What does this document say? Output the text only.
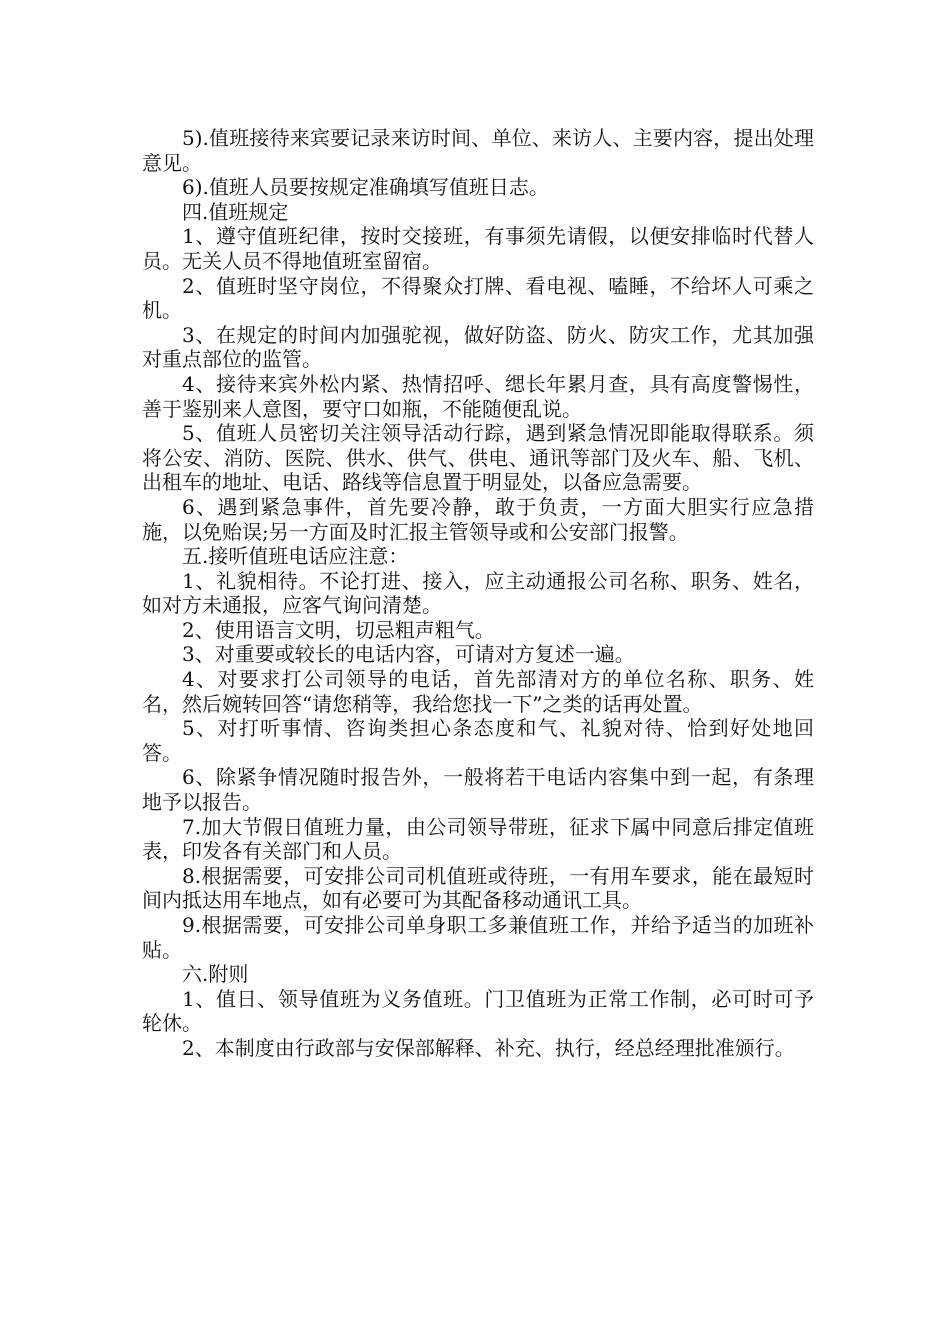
5).值班接待来宾要记录来访时间、单位、来访人、主要内容，提出处理意见。

6).值班人员要按规定准确填写值班日志。

四.值班规定

1、遵守值班纪律，按时交接班，有事须先请假，以便安排临时代替人员。无关人员不得地值班室留宿。

2、值班时坚守岗位，不得聚众打牌、看电视、嗑睡，不给坏人可乘之机。

3、在规定的时间内加强驼视，做好防盗、防火、防灾工作，尤其加强对重点部位的监管。

4、接待来宾外松内紧、热情招呼、缌长年累月查，具有高度警惕性，善于鉴别来人意图，要守口如瓶，不能随便乱说。

5、值班人员密切关注领导活动行踪，遇到紧急情况即能取得联系。须将公安、消防、医院、供水、供气、供电、通讯等部门及火车、船、飞机、出租车的地址、电话、路线等信息置于明显处，以备应急需要。

6、遇到紧急事件，首先要冷静，敢于负责，一方面大胆实行应急措施，以免贻误;另一方面及时汇报主管领导或和公安部门报警。

五.接听值班电话应注意：

1、礼貌相待。不论打进、接入，应主动通报公司名称、职务、姓名，如对方未通报，应客气询问清楚。

2、使用语言文明，切忌粗声粗气。

3、对重要或较长的电话内容，可请对方复述一遍。

4、对要求打公司领导的电话，首先部清对方的单位名称、职务、姓名，然后婉转回答“请您稍等，我给您找一下”之类的话再处置。

5、对打听事情、咨询类担心条态度和气、礼貌对待、恰到好处地回答。

6、除紧争情况随时报告外，一般将若干电话内容集中到一起，有条理地予以报告。

7.加大节假日值班力量，由公司领导带班，征求下属中同意后排定值班表，印发各有关部门和人员。

8.根据需要，可安排公司司机值班或待班，一有用车要求，能在最短时间内抵达用车地点，如有必要可为其配备移动通讯工具。

9.根据需要，可安排公司单身职工多兼值班工作，并给予适当的加班补贴。

六.附则

1、值日、领导值班为义务值班。门卫值班为正常工作制，必可时可予轮休。

2、本制度由行政部与安保部解释、补充、执行，经总经理批准颁行。
